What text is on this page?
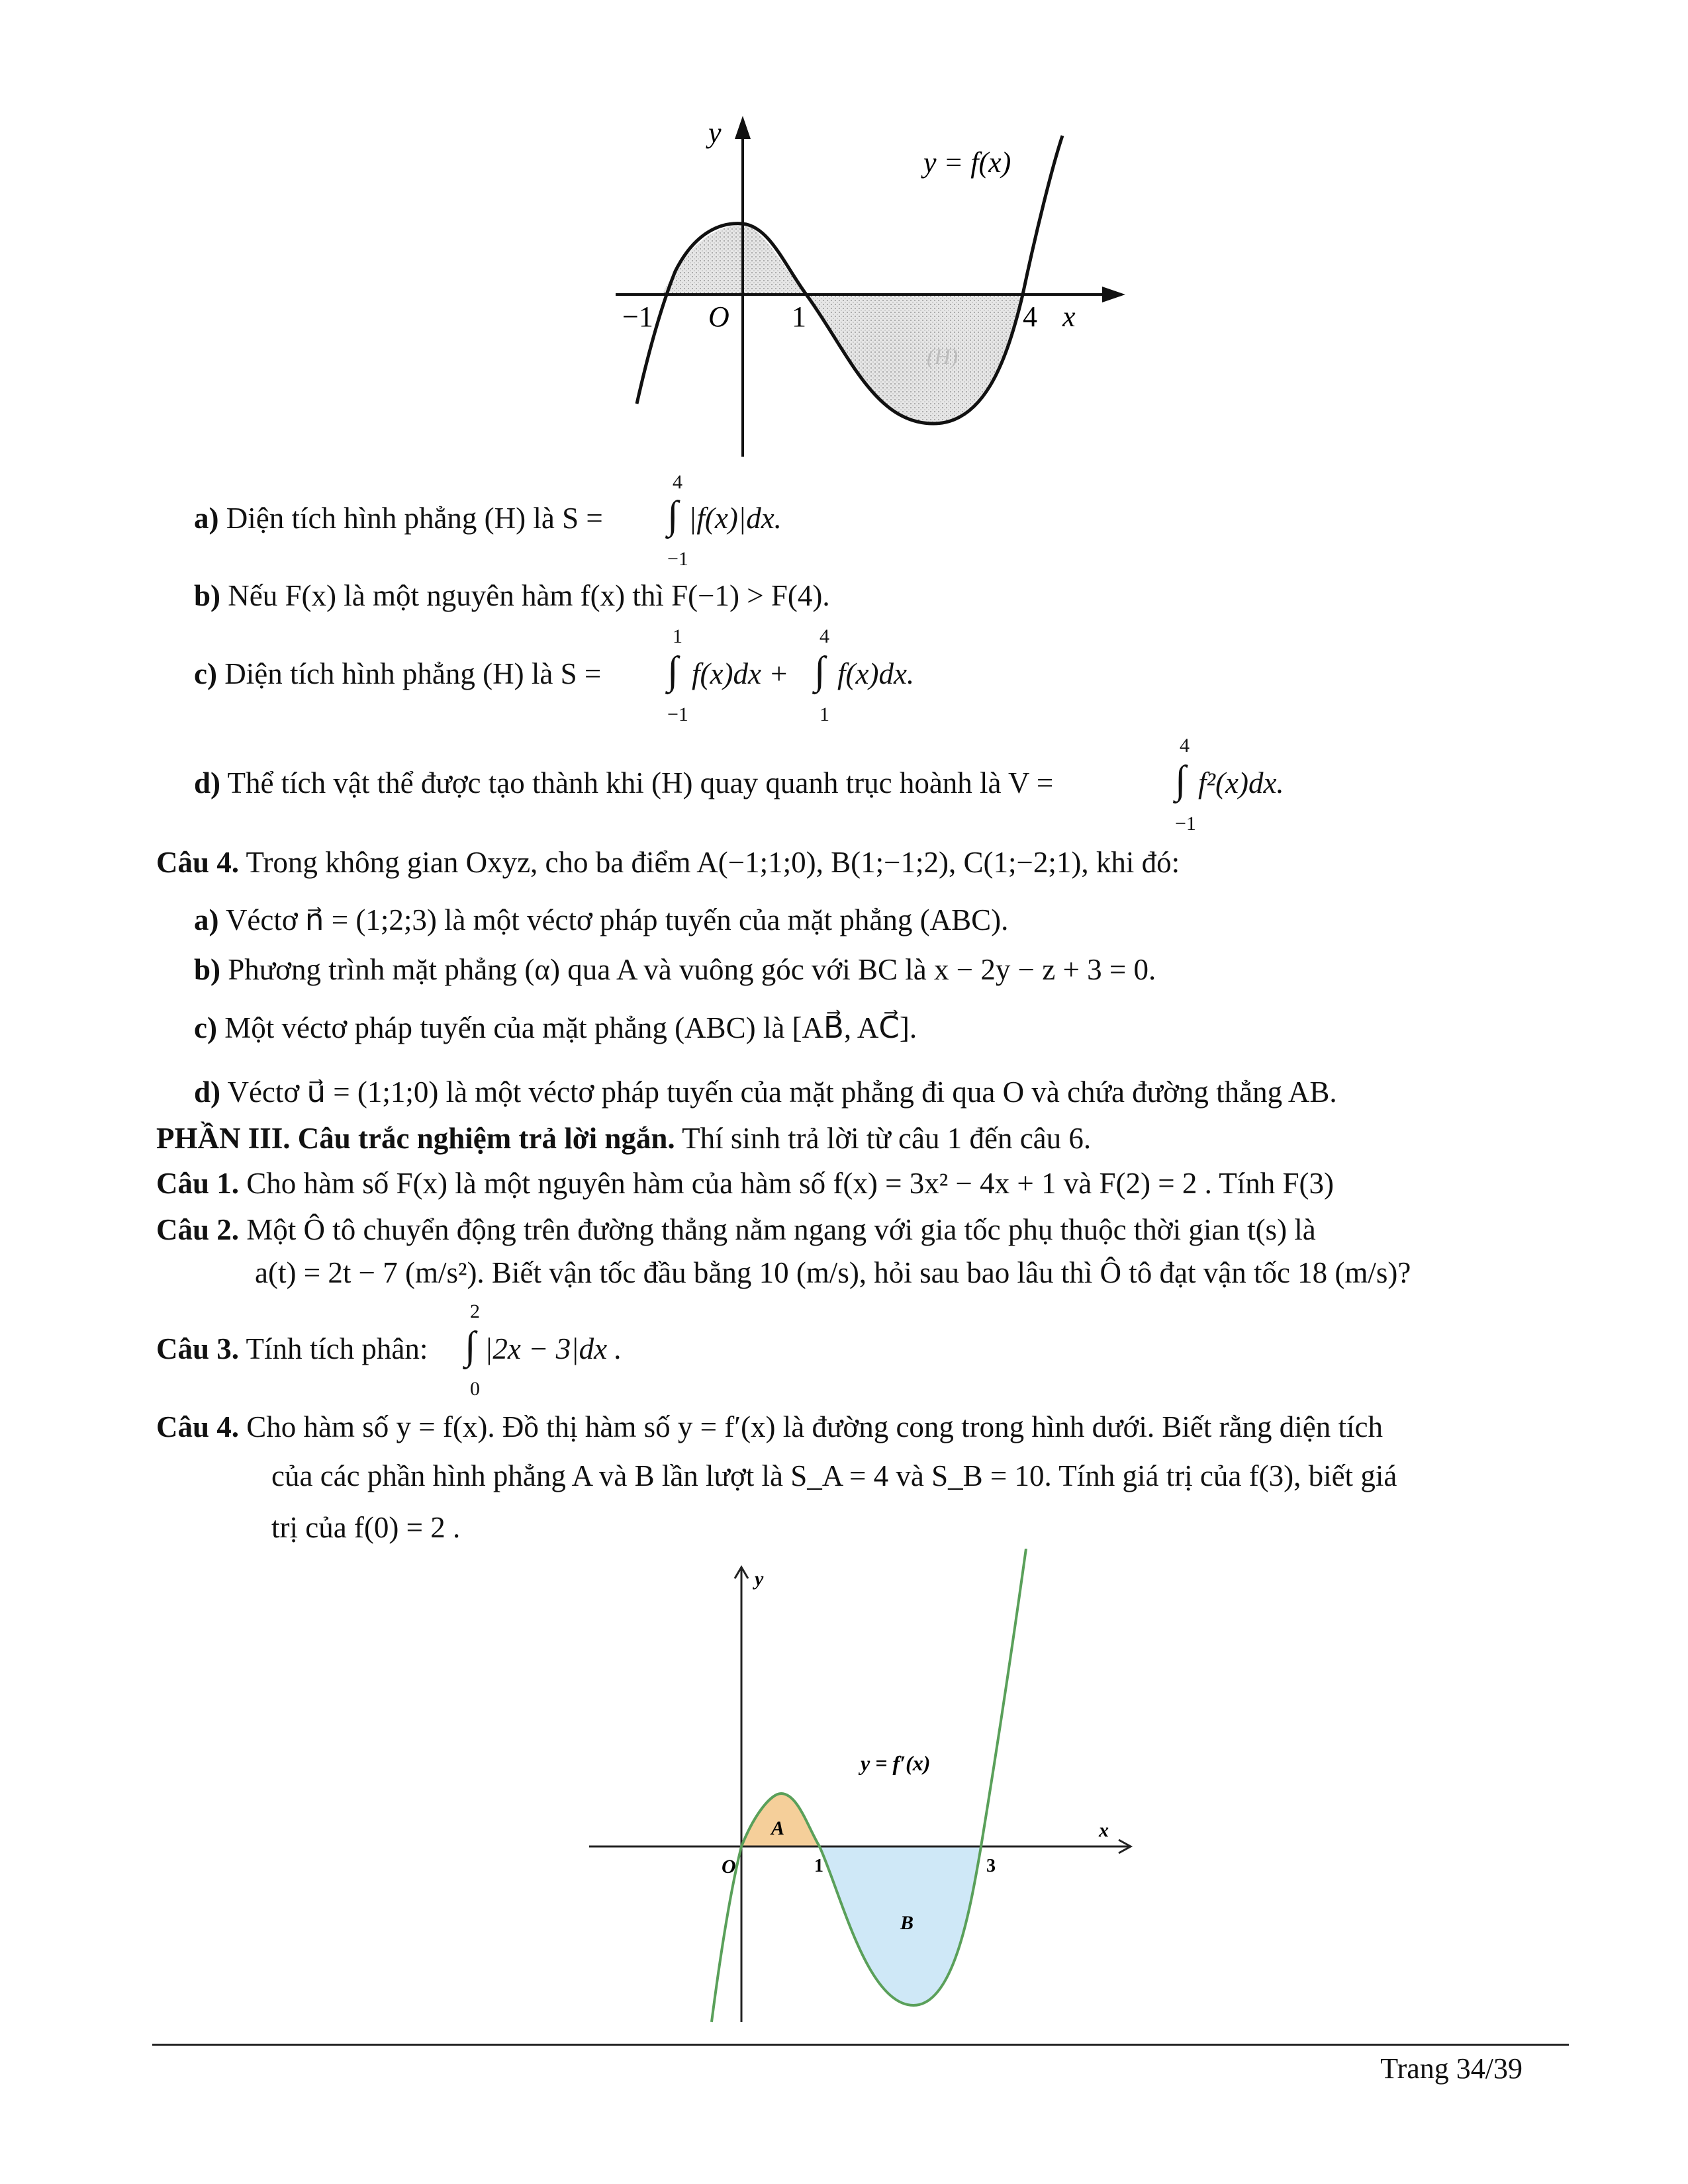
y
x
O
−1	1	4
y = f(x)
(H)
a) Diện tích hình phẳng (H) là S = ∫
4
−1
|f(x)|dx.
b) Nếu F(x) là một nguyên hàm f(x) thì F(−1) > F(4).
c) Diện tích hình phẳng (H) là S = ∫
1
−1
f(x)dx + ∫
4
1
f(x)dx.
d) Thể tích vật thể được tạo thành khi (H) quay quanh trục hoành là V =	∫
4
−1
f²(x)dx.
Câu 4. Trong không gian Oxyz, cho ba điểm A(−1;1;0), B(1;−1;2), C(1;−2;1), khi đó:
a) Véctơ n⃗ = (1;2;3) là một véctơ pháp tuyến của mặt phẳng (ABC).
b) Phương trình mặt phẳng (α) qua A và vuông góc với BC là x − 2y − z + 3 = 0.
c) Một véctơ pháp tuyến của mặt phẳng (ABC) là [AB⃗, AC⃗].
d) Véctơ u⃗ = (1;1;0) là một véctơ pháp tuyến của mặt phẳng đi qua O và chứa đường thẳng AB.
PHẦN III. Câu trắc nghiệm trả lời ngắn. Thí sinh trả lời từ câu 1 đến câu 6.
Câu 1. Cho hàm số F(x) là một nguyên hàm của hàm số f(x) = 3x² − 4x + 1 và F(2) = 2 . Tính F(3)
Câu 2. Một Ô tô chuyển động trên đường thẳng nằm ngang với gia tốc phụ thuộc thời gian t(s) là
a(t) = 2t − 7 (m/s²). Biết vận tốc đầu bằng 10 (m/s), hỏi sau bao lâu thì Ô tô đạt vận tốc 18 (m/s)?
Câu 3. Tính tích phân: ∫
2
0
|2x − 3|dx .
Câu 4. Cho hàm số y = f(x). Đồ thị hàm số y = f′(x) là đường cong trong hình dưới. Biết rằng diện tích
của các phần hình phẳng A và B lần lượt là S_A = 4 và S_B = 10. Tính giá trị của f(3), biết giá
trị của f(0) = 2 .
y
x
O	1	3
y = f′(x)
A
B
Trang 34/39
